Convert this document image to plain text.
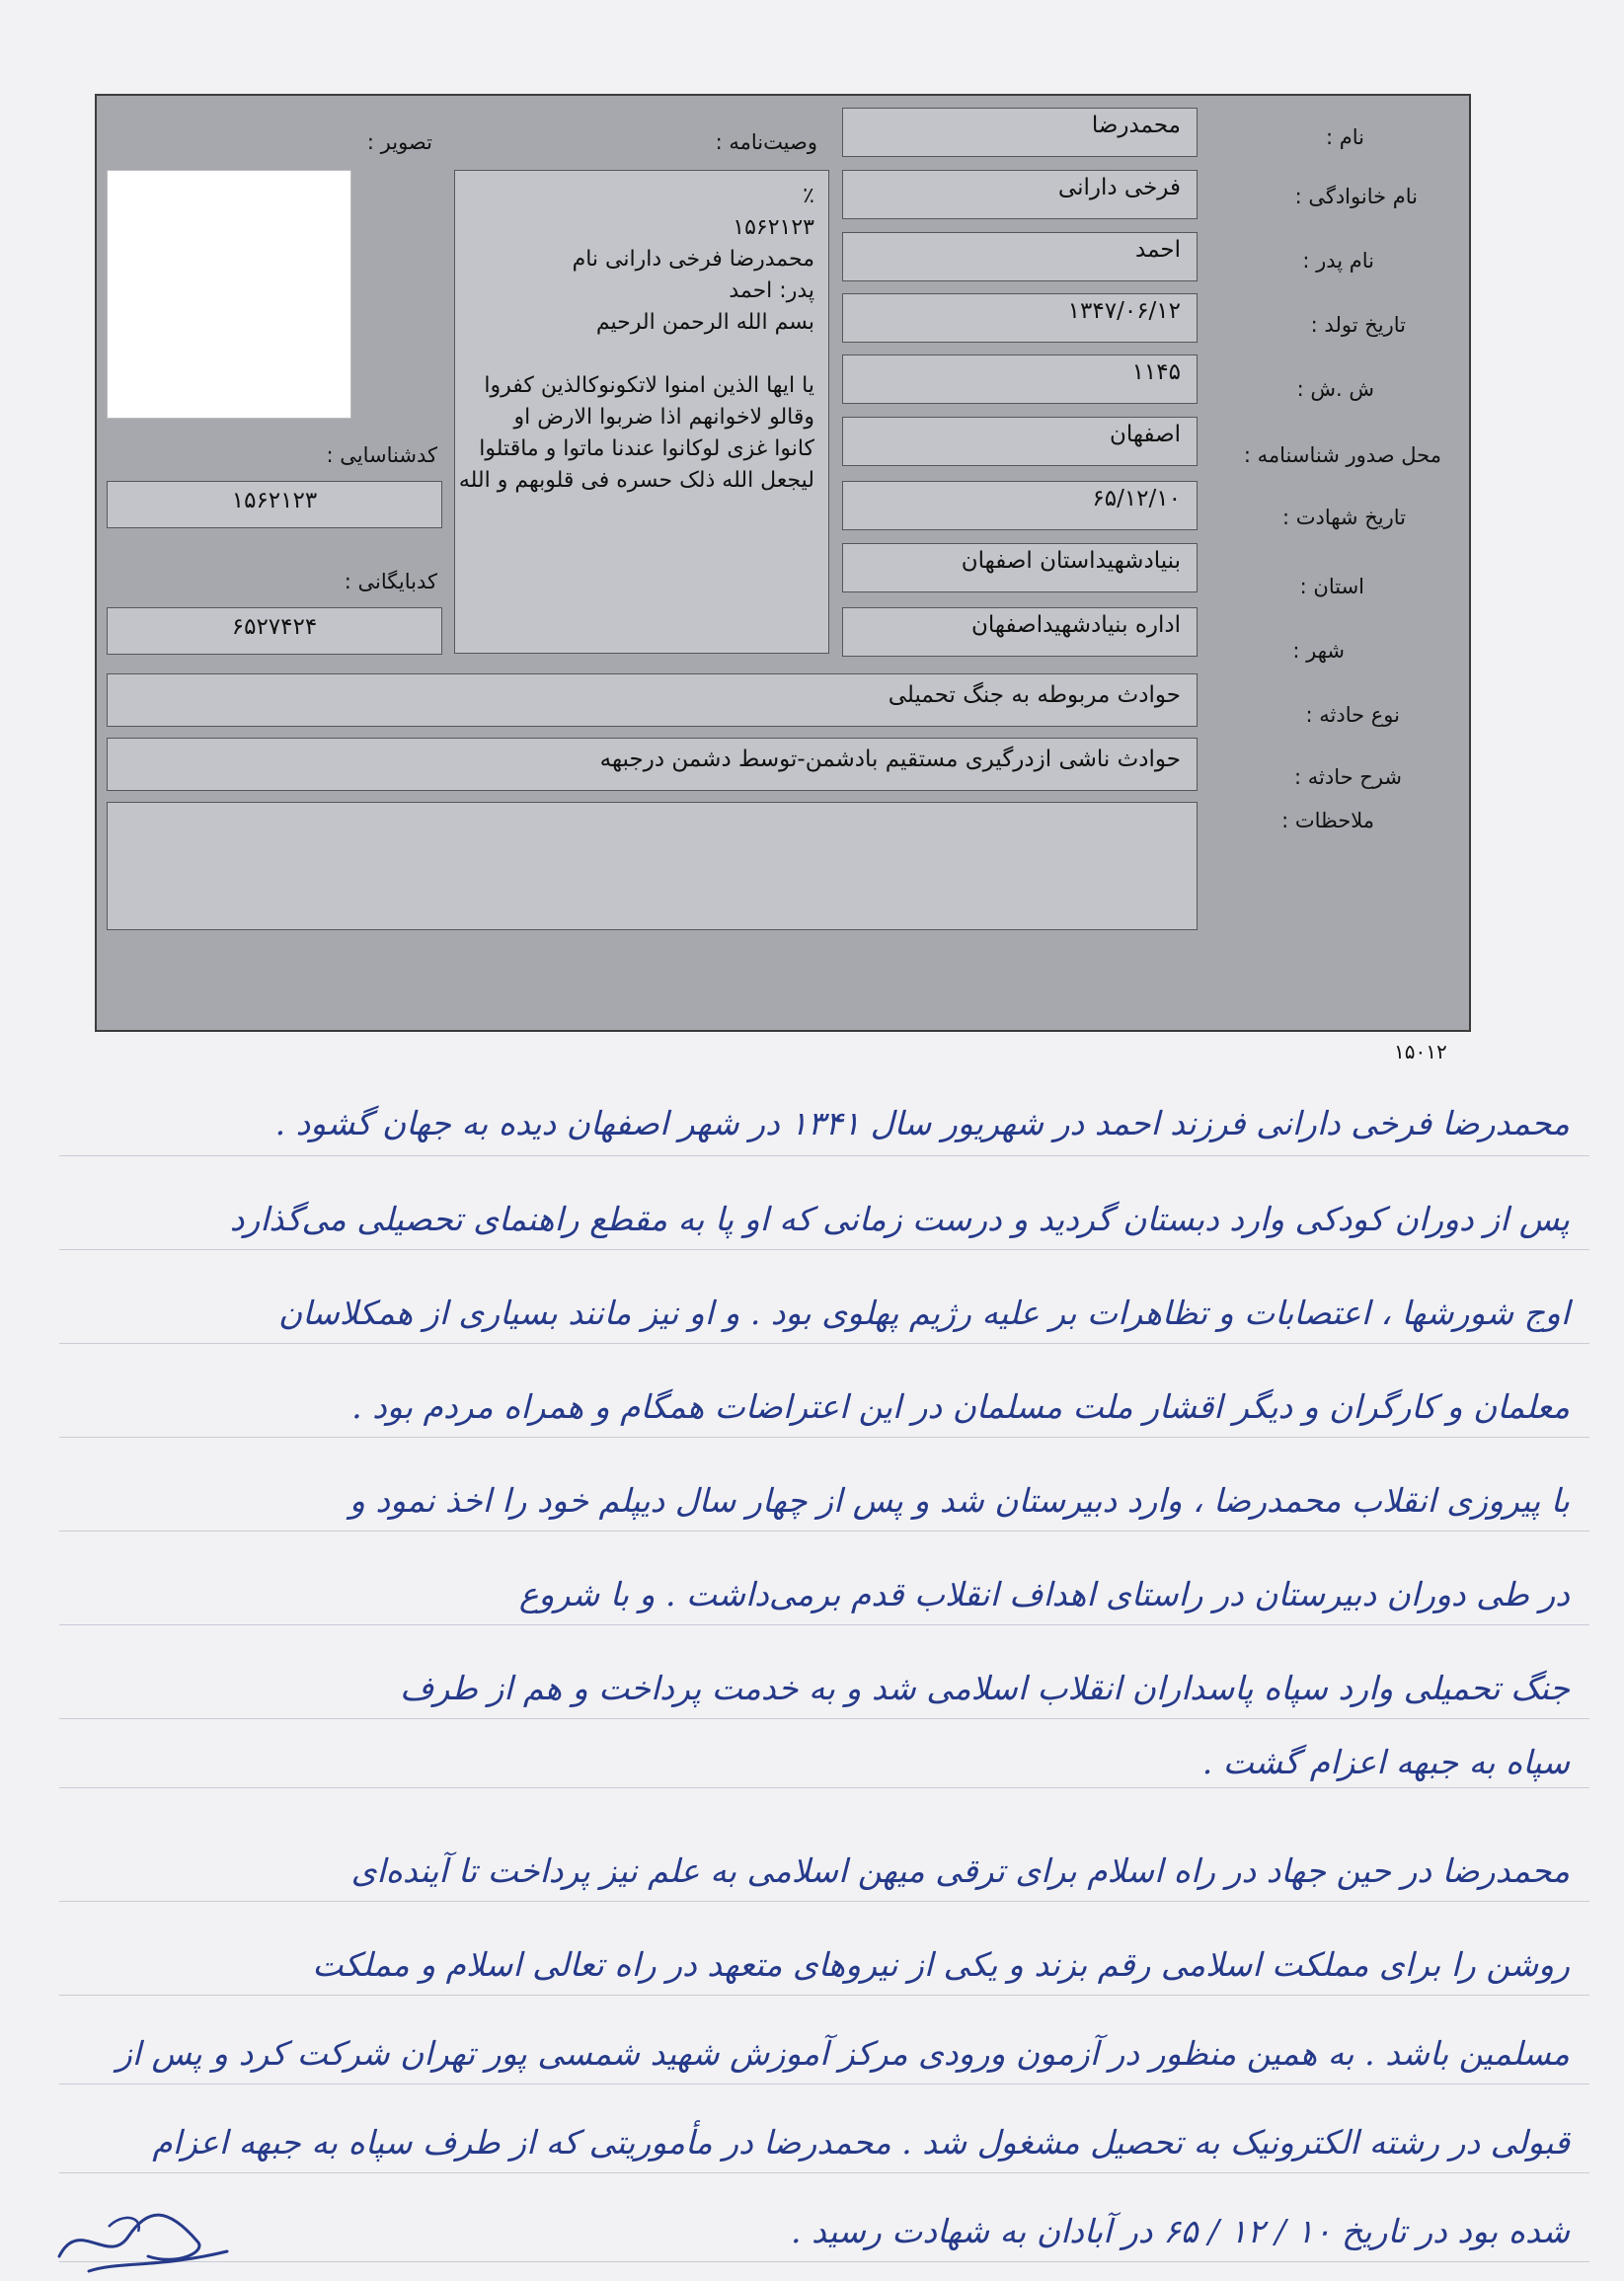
نام :
نام خانوادگی :
نام پدر :
تاریخ تولد :
ش .ش :
محل صدور شناسنامه :
تاریخ شهادت :
استان :
شهر :
نوع حادثه :
شرح حادثه :
ملاحظات :
محمدرضا
فرخی دارانی
احمد
۱۳۴۷/۰۶/۱۲
۱۱۴۵
اصفهان
۶۵/۱۲/۱۰
بنیادشهیداستان اصفهان
اداره بنیادشهیداصفهان
حوادث مربوطه به جنگ تحمیلی
حوادث ناشی ازدرگیری مستقیم بادشمن-توسط دشمن درجبهه
وصیت‌نامه :
٪
۱۵۶۲۱۲۳
محمدرضا فرخی دارانی نام
پدر: احمد
بسم الله الرحمن الرحیم
یا ایها الذین امنوا لاتکونوکالذین کفروا
وقالو لاخوانهم اذا ضربوا الارض او
کانوا غزی لوکانوا عندنا ماتوا و ماقتلوا
لیجعل الله ذلک حسره فی قلوبهم و الله
تصویر :
کدشناسایی :
۱۵۶۲۱۲۳
کدبایگانی :
۶۵۲۷۴۲۴
۱۵۰۱۲
محمدرضا فرخی دارانی فرزند احمد در شهریور سال ۱۳۴۱ در شهر اصفهان دیده به جهان گشود .
پس از دوران کودکی وارد دبستان گردید و درست زمانی که او پا به مقطع راهنمای تحصیلی می‌گذارد
اوج شورشها ، اعتصابات و تظاهرات بر علیه رژیم پهلوی بود . و او نیز مانند بسیاری از همکلاسان
معلمان و کارگران و دیگر اقشار ملت مسلمان در این اعتراضات همگام و همراه مردم بود .
با پیروزی انقلاب محمدرضا ، وارد دبیرستان شد و پس از چهار سال دیپلم خود را اخذ نمود و
در طی دوران دبیرستان در راستای اهداف انقلاب قدم برمی‌داشت . و با شروع
جنگ تحمیلی وارد سپاه پاسداران انقلاب اسلامی شد و به خدمت پرداخت و هم از طرف
سپاه به جبهه اعزام گشت .
محمدرضا در حین جهاد در راه اسلام برای ترقی میهن اسلامی به علم نیز پرداخت تا آینده‌ای
روشن را برای مملکت اسلامی رقم بزند و یکی از نیروهای متعهد در راه تعالی اسلام و مملکت
مسلمین باشد . به همین منظور در آزمون ورودی مرکز آموزش شهید شمسی پور تهران شرکت کرد و پس از
قبولی در رشته الکترونیک به تحصیل مشغول شد . محمدرضا در مأموریتی که از طرف سپاه به جبهه اعزام
شده بود در تاریخ ۱۰ / ۱۲ / ۶۵ در آبادان به شهادت رسید .
